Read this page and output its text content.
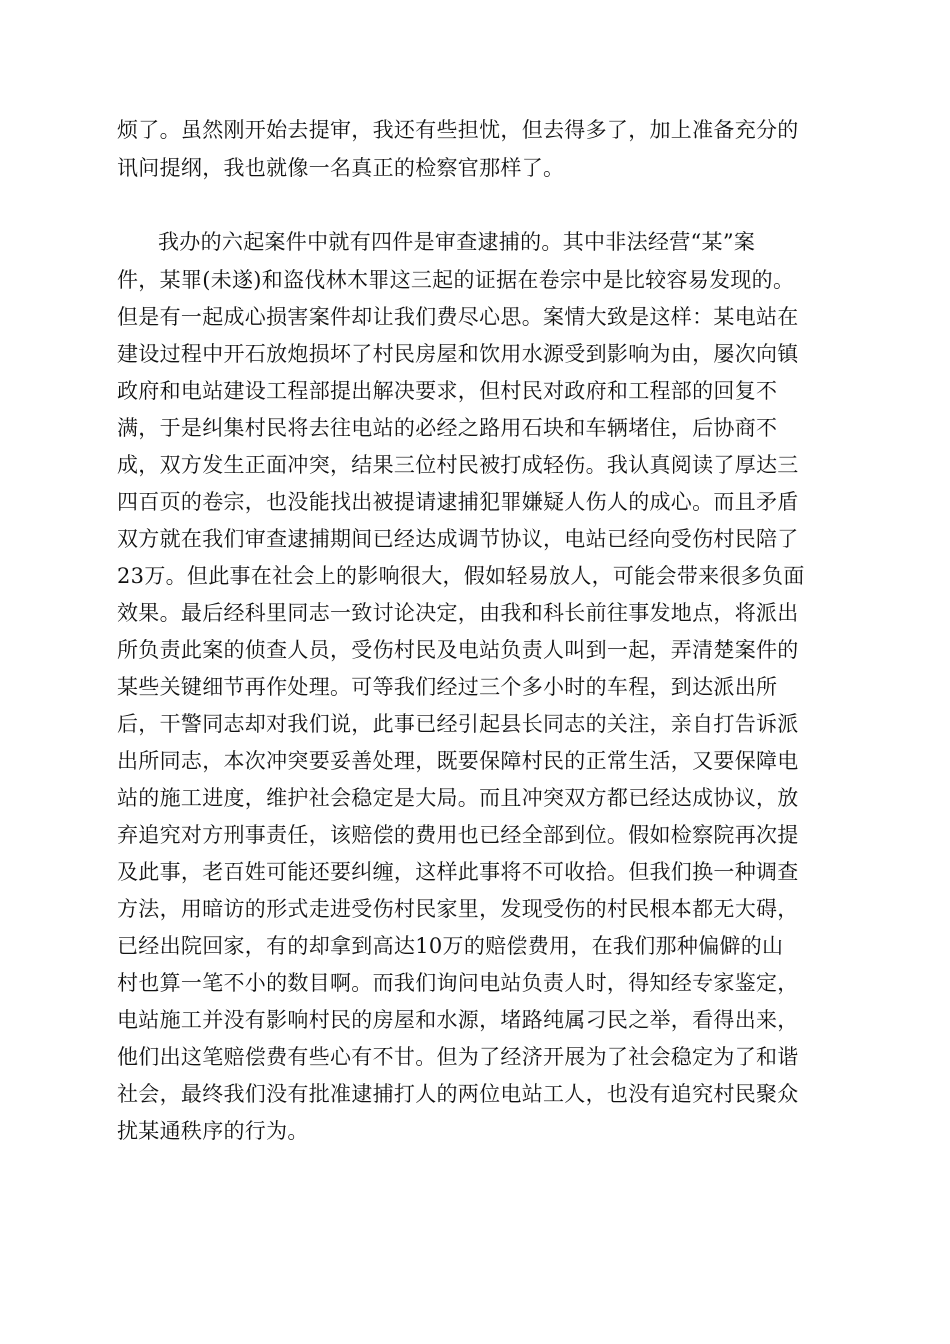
烦了。虽然刚开始去提审，我还有些担忧，但去得多了，加上准备充分的
讯问提纲，我也就像一名真正的检察官那样了。
我办的六起案件中就有四件是审查逮捕的。其中非法经营“某”案
件，某罪(未遂)和盗伐林木罪这三起的证据在卷宗中是比较容易发现的。
但是有一起成心损害案件却让我们费尽心思。案情大致是这样：某电站在
建设过程中开石放炮损坏了村民房屋和饮用水源受到影响为由，屡次向镇
政府和电站建设工程部提出解决要求，但村民对政府和工程部的回复不
满，于是纠集村民将去往电站的必经之路用石块和车辆堵住，后协商不
成，双方发生正面冲突，结果三位村民被打成轻伤。我认真阅读了厚达三
四百页的卷宗，也没能找出被提请逮捕犯罪嫌疑人伤人的成心。而且矛盾
双方就在我们审查逮捕期间已经达成调节协议，电站已经向受伤村民陪了
23万。但此事在社会上的影响很大，假如轻易放人，可能会带来很多负面
效果。最后经科里同志一致讨论决定，由我和科长前往事发地点，将派出
所负责此案的侦查人员，受伤村民及电站负责人叫到一起，弄清楚案件的
某些关键细节再作处理。可等我们经过三个多小时的车程，到达派出所
后，干警同志却对我们说，此事已经引起县长同志的关注，亲自打告诉派
出所同志，本次冲突要妥善处理，既要保障村民的正常生活，又要保障电
站的施工进度，维护社会稳定是大局。而且冲突双方都已经达成协议，放
弃追究对方刑事责任，该赔偿的费用也已经全部到位。假如检察院再次提
及此事，老百姓可能还要纠缠，这样此事将不可收拾。但我们换一种调查
方法，用暗访的形式走进受伤村民家里，发现受伤的村民根本都无大碍，
已经出院回家，有的却拿到高达10万的赔偿费用，在我们那种偏僻的山
村也算一笔不小的数目啊。而我们询问电站负责人时，得知经专家鉴定，
电站施工并没有影响村民的房屋和水源，堵路纯属刁民之举，看得出来，
他们出这笔赔偿费有些心有不甘。但为了经济开展为了社会稳定为了和谐
社会，最终我们没有批准逮捕打人的两位电站工人，也没有追究村民聚众
扰某通秩序的行为。
